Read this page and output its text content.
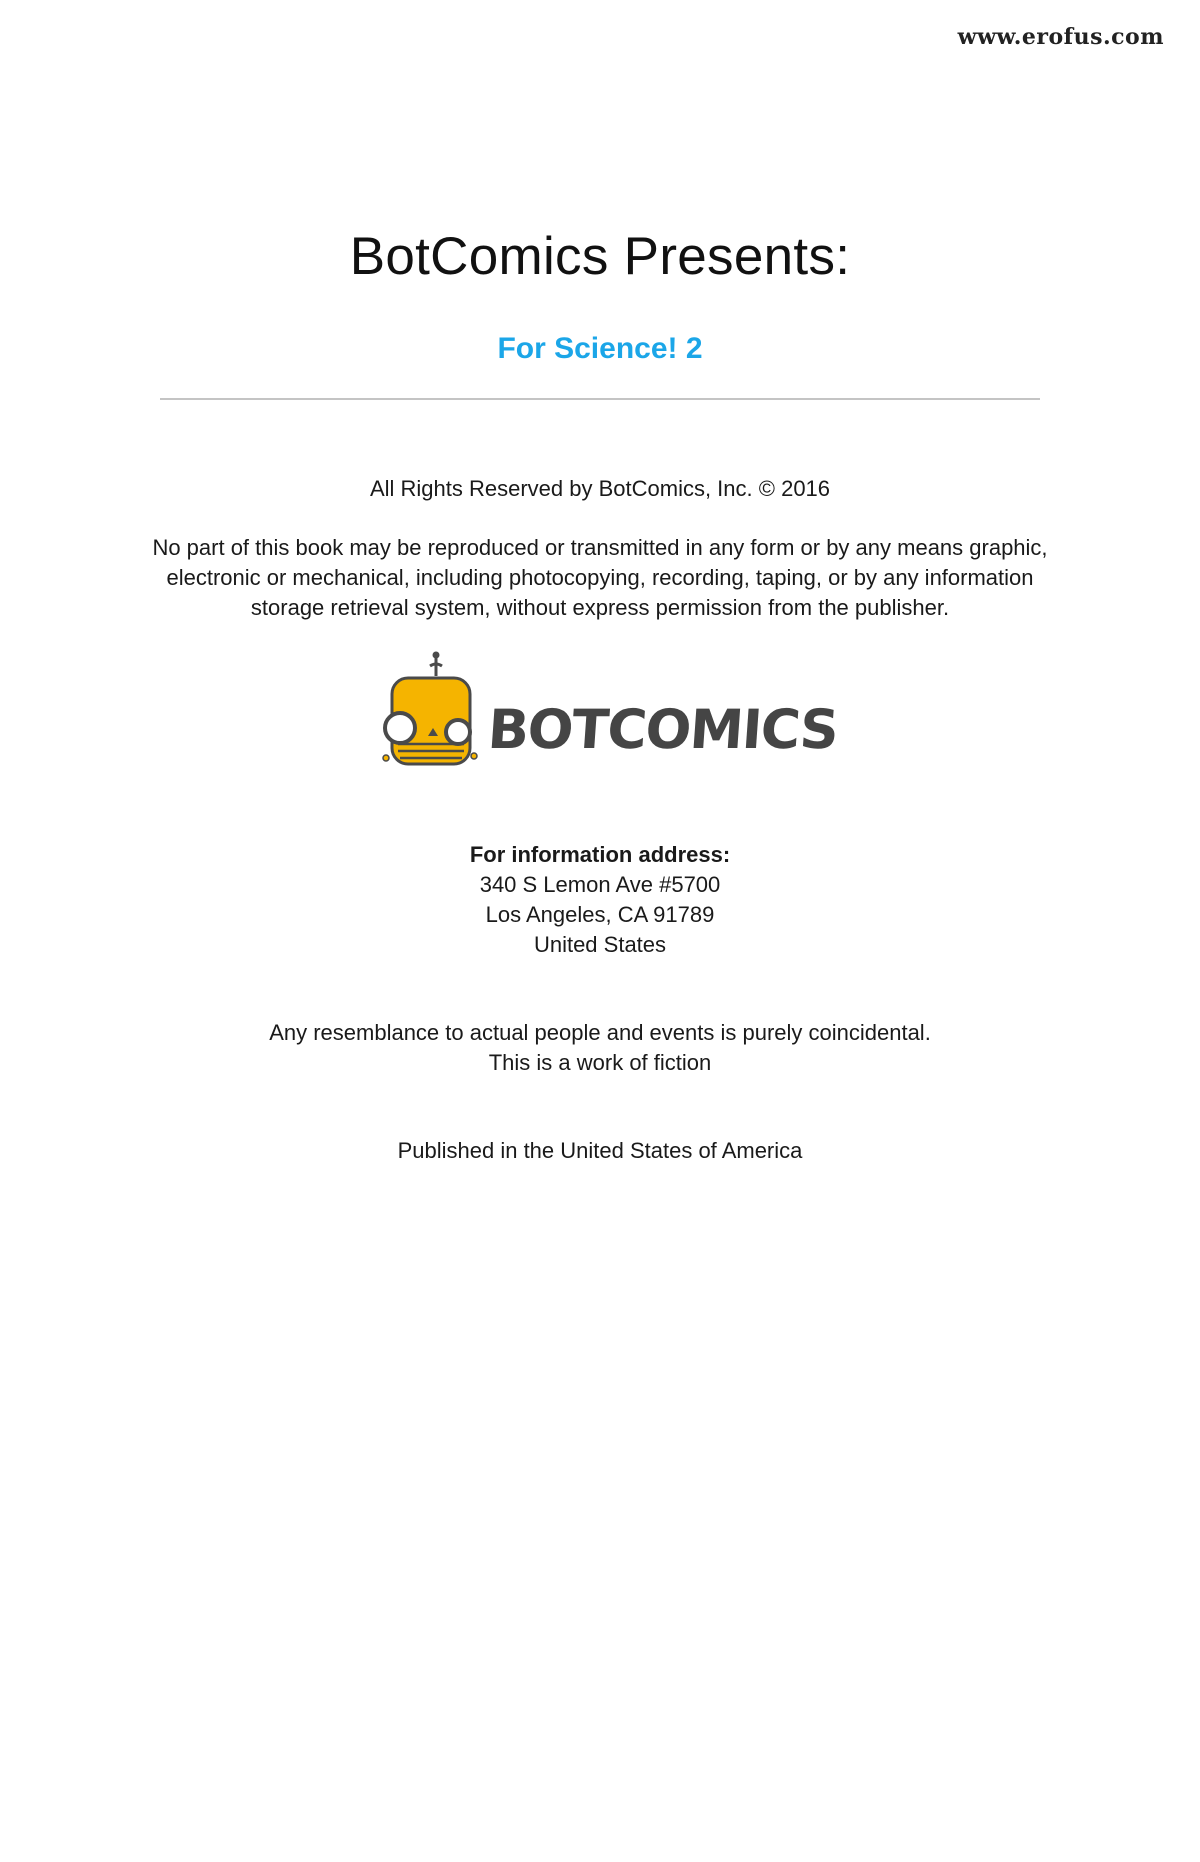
www.erofus.com
BotComics Presents:
For Science! 2
All Rights Reserved by BotComics, Inc. © 2016
No part of this book may be reproduced or transmitted in any form or by any means graphic,
electronic or mechanical, including photocopying, recording, taping, or by any information
storage retrieval system, without express permission from the publisher.
BOTCOMICS
For information address:
340 S Lemon Ave #5700
Los Angeles, CA 91789
United States
Any resemblance to actual people and events is purely coincidental.
This is a work of fiction
Published in the United States of America
